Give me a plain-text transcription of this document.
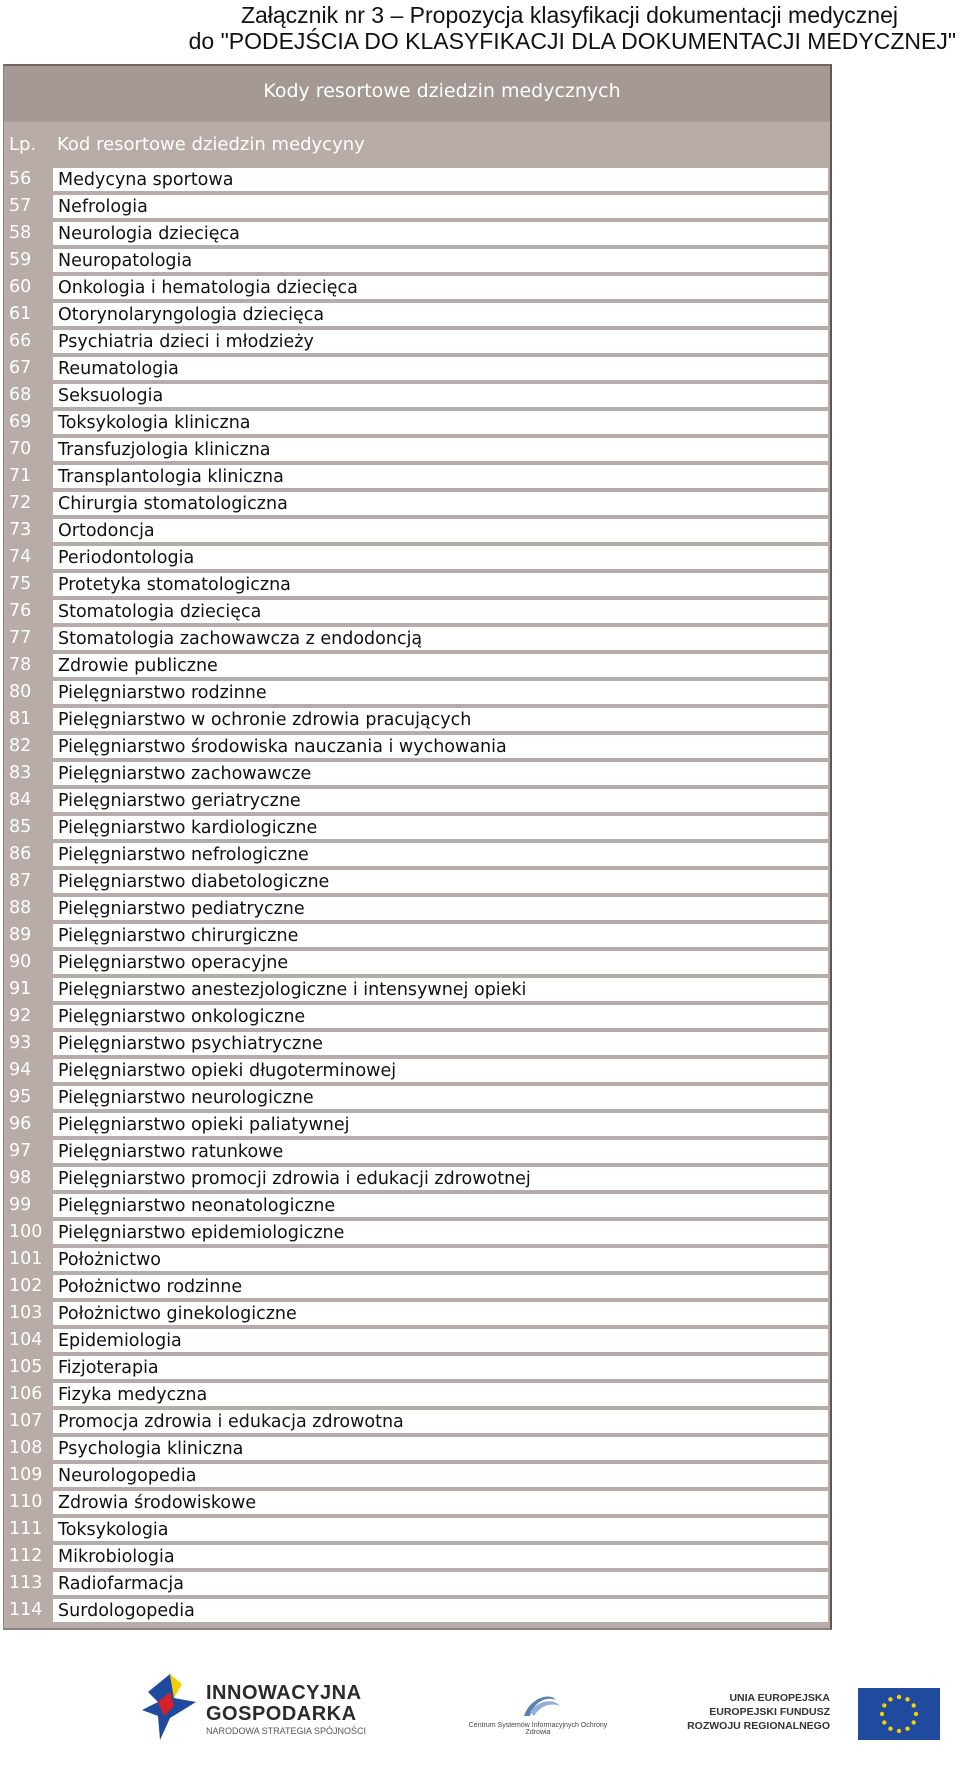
Załącznik nr 3 – Propozycja klasyfikacji dokumentacji medycznej
do "PODEJŚCIA DO KLASYFIKACJI DLA DOKUMENTACJI MEDYCZNEJ"
Kody resortowe dziedzin medycznych
Lp. Kod resortowe dziedzin medycyny
56	Medycyna sportowa
57	Nefrologia
58	Neurologia dziecięca
59	Neuropatologia
60	Onkologia i hematologia dziecięca
61	Otorynolaryngologia dziecięca
66	Psychiatria dzieci i młodzieży
67	Reumatologia
68	Seksuologia
69	Toksykologia kliniczna
70	Transfuzjologia kliniczna
71	Transplantologia kliniczna
72	Chirurgia stomatologiczna
73	Ortodoncja
74	Periodontologia
75	Protetyka stomatologiczna
76	Stomatologia dziecięca
77	Stomatologia zachowawcza z endodoncją
78	Zdrowie publiczne
80	Pielęgniarstwo rodzinne
81	Pielęgniarstwo w ochronie zdrowia pracujących
82	Pielęgniarstwo środowiska nauczania i wychowania
83	Pielęgniarstwo zachowawcze
84	Pielęgniarstwo geriatryczne
85	Pielęgniarstwo kardiologiczne
86	Pielęgniarstwo nefrologiczne
87	Pielęgniarstwo diabetologiczne
88	Pielęgniarstwo pediatryczne
89	Pielęgniarstwo chirurgiczne
90	Pielęgniarstwo operacyjne
91	Pielęgniarstwo anestezjologiczne i intensywnej opieki
92	Pielęgniarstwo onkologiczne
93	Pielęgniarstwo psychiatryczne
94	Pielęgniarstwo opieki długoterminowej
95	Pielęgniarstwo neurologiczne
96	Pielęgniarstwo opieki paliatywnej
97	Pielęgniarstwo ratunkowe
98	Pielęgniarstwo promocji zdrowia i edukacji zdrowotnej
99	Pielęgniarstwo neonatologiczne
100 Pielęgniarstwo epidemiologiczne
101 Położnictwo
102 Położnictwo rodzinne
103 Położnictwo ginekologiczne
104 Epidemiologia
105 Fizjoterapia
106 Fizyka medyczna
107 Promocja zdrowia i edukacja zdrowotna
108 Psychologia kliniczna
109 Neurologopedia
110 Zdrowia środowiskowe
111 Toksykologia
112 Mikrobiologia
113 Radiofarmacja
114 Surdologopedia
INNOWACYJNA
GOSPODARKA
NARODOWA STRATEGIA SPÓJNOŚCI
Centrum Systemów Informacyjnych Ochrony Zdrowia
UNIA EUROPEJSKA
EUROPEJSKI FUNDUSZ
ROZWOJU REGIONALNEGO
